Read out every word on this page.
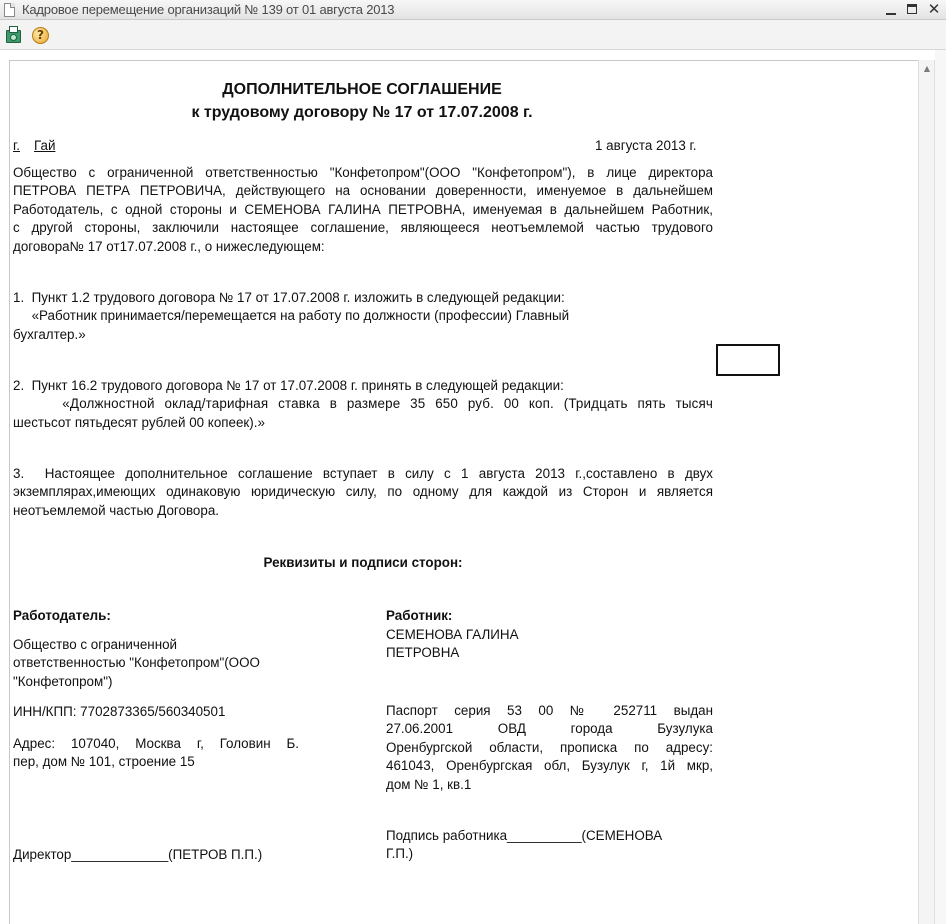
Кадровое перемещение организаций № 139 от 01 августа 2013	✕
?
▲
ДОПОЛНИТЕЛЬНОЕ СОГЛАШЕНИЕ
к трудовому договору № 17 от 17.07.2008 г.
г. Гай	1 августа 2013 г.
Общество с ограниченной ответственностью "Конфетопром"(ООО "Конфетопром"), в лице директора
ПЕТРОВА ПЕТРА ПЕТРОВИЧА, действующего на основании доверенности, именуемое в дальнейшем
Работодатель, с одной стороны и СЕМЕНОВА ГАЛИНА ПЕТРОВНА, именуемая в дальнейшем Работник,
с другой стороны, заключили настоящее соглашение, являющееся неотъемлемой частью трудового
договора№ 17 от17.07.2008 г., о нижеследующем:
1.  Пункт 1.2 трудового договора № 17 от 17.07.2008 г. изложить в следующей редакции:
«Работник принимается/перемещается на работу по должности (профессии) Главный
бухгалтер.»
2.  Пункт 16.2 трудового договора № 17 от 17.07.2008 г. принять в следующей редакции:
«Должностной оклад/тарифная ставка в размере 35 650 руб. 00 коп. (Тридцать пять тысяч
шестьсот пятьдесят рублей 00 копеек).»
3.  Настоящее дополнительное соглашение вступает в силу с 1 августа 2013 г.,составлено в двух
экземплярах,имеющих одинаковую юридическую силу, по одному для каждой из Сторон и является
неотъемлемой частью Договора.
Реквизиты и подписи сторон:
Работодатель:
Общество с ограниченной
ответственностью "Конфетопром"(ООО
"Конфетопром")
ИНН/КПП: 7702873365/560340501
Адрес: 107040, Москва г, Головин Б.
пер, дом № 101, строение 15
Директор_____________(ПЕТРОВ П.П.)
Работник:
СЕМЕНОВА ГАЛИНА
ПЕТРОВНА
Паспорт серия 53 00 № 252711 выдан
27.06.2001 ОВД города Бузулука
Оренбургской области, прописка по адресу:
461043, Оренбургская обл, Бузулук г, 1й мкр,
дом № 1, кв.1
Подпись работника__________(СЕМЕНОВА
Г.П.)
